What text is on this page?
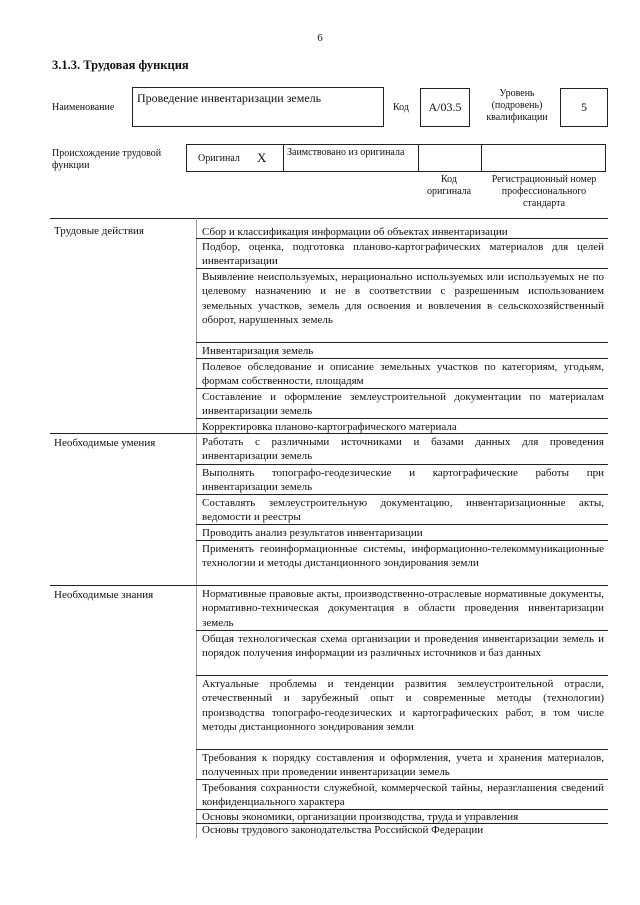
6
3.1.3. Трудовая функция
Наименование
Проведение инвентаризации земель
Код	A/03.5
Уровень (подровень) квалификации
5
Происхождение трудовой функции
Оригинал X Заимствовано из оригинала
Код оригинала
Регистрационный номер профессионального стандарта
Трудовые действия	Сбор и классификация информации об объектах инвентаризации
Подбор, оценка, подготовка планово-картографических материалов для целей инвентаризации
Выявление неиспользуемых, нерационально используемых или используемых не по целевому назначению и не в соответствии с разрешенным использованием земельных участков, земель для освоения и вовлечения в сельскохозяйственный оборот, нарушенных земель
Инвентаризация земель
Полевое обследование и описание земельных участков по категориям, угодьям, формам собственности, площадям
Составление и оформление землеустроительной документации по материалам инвентаризации земель
Корректировка планово-картографического материала
Необходимые умения	Работать с различными источниками и базами данных для проведения инвентаризации земель
Выполнять топографо-геодезические и картографические работы при инвентаризации земель
Составлять землеустроительную документацию, инвентаризационные акты, ведомости и реестры
Проводить анализ результатов инвентаризации
Применять геоинформационные системы, информационно-телекоммуникационные технологии и методы дистанционного зондирования земли
Необходимые знания	Нормативные правовые акты, производственно-отраслевые нормативные документы, нормативно-техническая документация в области проведения инвентаризации земель
Общая технологическая схема организации и проведения инвентаризации земель и порядок получения информации из различных источников и баз данных
Актуальные проблемы и тенденции развития землеустроительной отрасли, отечественный и зарубежный опыт и современные методы (технологии) производства топографо-геодезических и картографических работ, в том числе методы дистанционного зондирования земли
Требования к порядку составления и оформления, учета и хранения материалов, полученных при проведении инвентаризации земель
Требования сохранности служебной, коммерческой тайны, неразглашения сведений конфиденциального характера
Основы экономики, организации производства, труда и управления
Основы трудового законодательства Российской Федерации
